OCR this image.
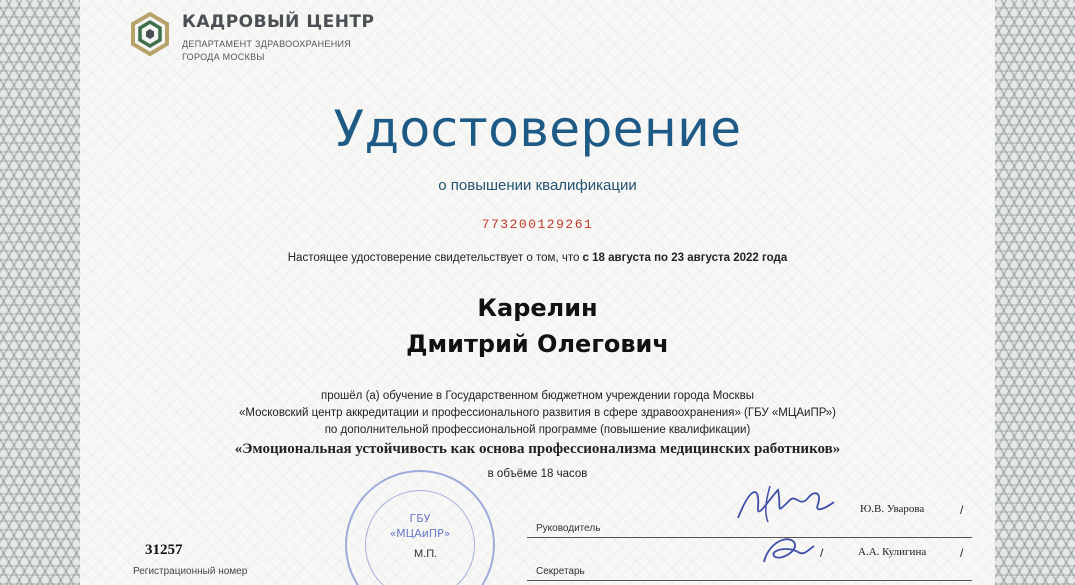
КАДРОВЫЙ ЦЕНТР
ДЕПАРТАМЕНТ ЗДРАВООХРАНЕНИЯ
ГОРОДА МОСКВЫ
Удостоверение
о повышении квалификации
773200129261
Настоящее удостоверение свидетельствует о том, что с 18 августа по 23 августа 2022 года
Карелин
Дмитрий Олегович
прошёл (а) обучение в Государственном бюджетном учреждении города Москвы
«Московский центр аккредитации и профессионального развития в сфере здравоохранения» (ГБУ «МЦАиПР»)
по дополнительной профессиональной программе (повышение квалификации)
«Эмоциональная устойчивость как основа профессионализма медицинских работников»
в объёме 18 часов
ГБУ
«МЦАиПР»
М.П.
31257
Регистрационный номер
Руководитель
Ю.В. Уварова	/
Секретарь
/	А.А. Кулигина	/
